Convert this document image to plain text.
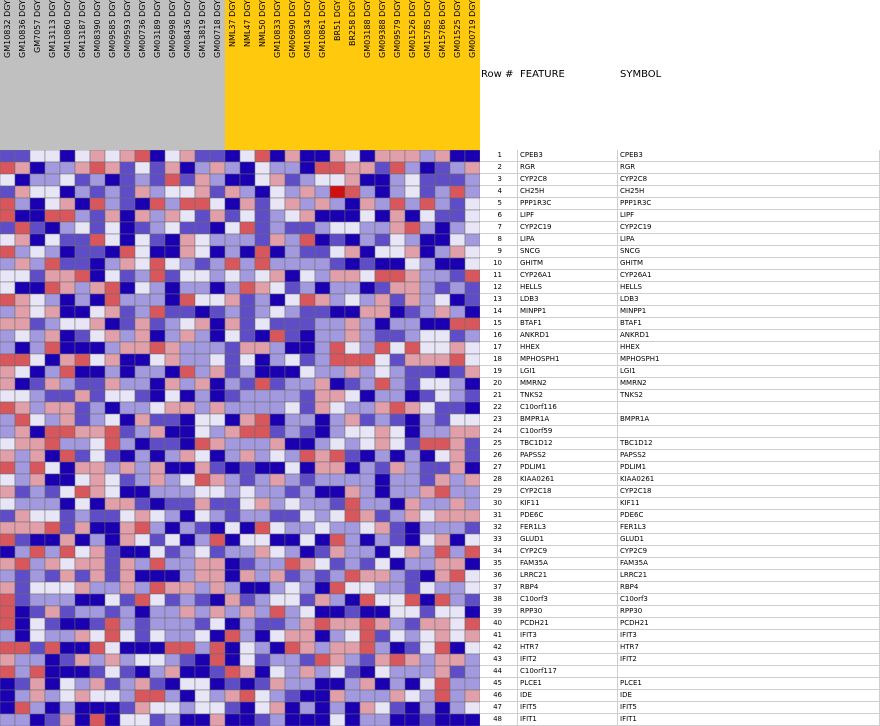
GM10832 DGY GM10836 DGY GM7057 DGY GM13113 DGY GM10860 DGY GM13187 DGY GM08390 DGY GM09585 DGY GM09593 DGY GM00736 DGY GM03189 DGY GM06998 DGY GM08436 DGY GM13819 DGY GM00718 DGY NML37 DGY NML47 DGY NML50 DGY GM10833 DGY GM06990 DGY GM10834 DGY GM10861 DGY BR51 DGY BR258 DGY GM03188 DGY GM09388 DGY GM09579 DGY GM01526 DGY GM15785 DGY GM15786 DGY GM01525 DGY GM00719 DGY
Row # FEATURE	SYMBOL
1	CPEB3	CPEB3
2	RGR	RGR
3	CYP2C8	CYP2C8
4	CH25H	CH25H
5	PPP1R3C	PPP1R3C
6	LIPF	LIPF
7	CYP2C19	CYP2C19
8	LIPA	LIPA
9	SNCG	SNCG
10	GHITM	GHITM
11	CYP26A1	CYP26A1
12	HELLS	HELLS
13	LDB3	LDB3
14	MINPP1	MINPP1
15	BTAF1	BTAF1
16	ANKRD1	ANKRD1
17	HHEX	HHEX
18	MPHOSPH1	MPHOSPH1
19	LGI1	LGI1
20	MMRN2	MMRN2
21	TNKS2	TNKS2
22	C10orf116
23	BMPR1A	BMPR1A
24	C10orf59
25	TBC1D12	TBC1D12
26	PAPSS2	PAPSS2
27	PDLIM1	PDLIM1
28	KIAA0261	KIAA0261
29	CYP2C18	CYP2C18
30	KIF11	KIF11
31	PDE6C	PDE6C
32	FER1L3	FER1L3
33	GLUD1	GLUD1
34	CYP2C9	CYP2C9
35	FAM35A	FAM35A
36	LRRC21	LRRC21
37	RBP4	RBP4
38	C10orf3	C10orf3
39	RPP30	RPP30
40	PCDH21	PCDH21
41	IFIT3	IFIT3
42	HTR7	HTR7
43	IFIT2	IFIT2
44	C10orf117
45	PLCE1	PLCE1
46	IDE	IDE
47	IFIT5	IFIT5
48	IFIT1	IFIT1
